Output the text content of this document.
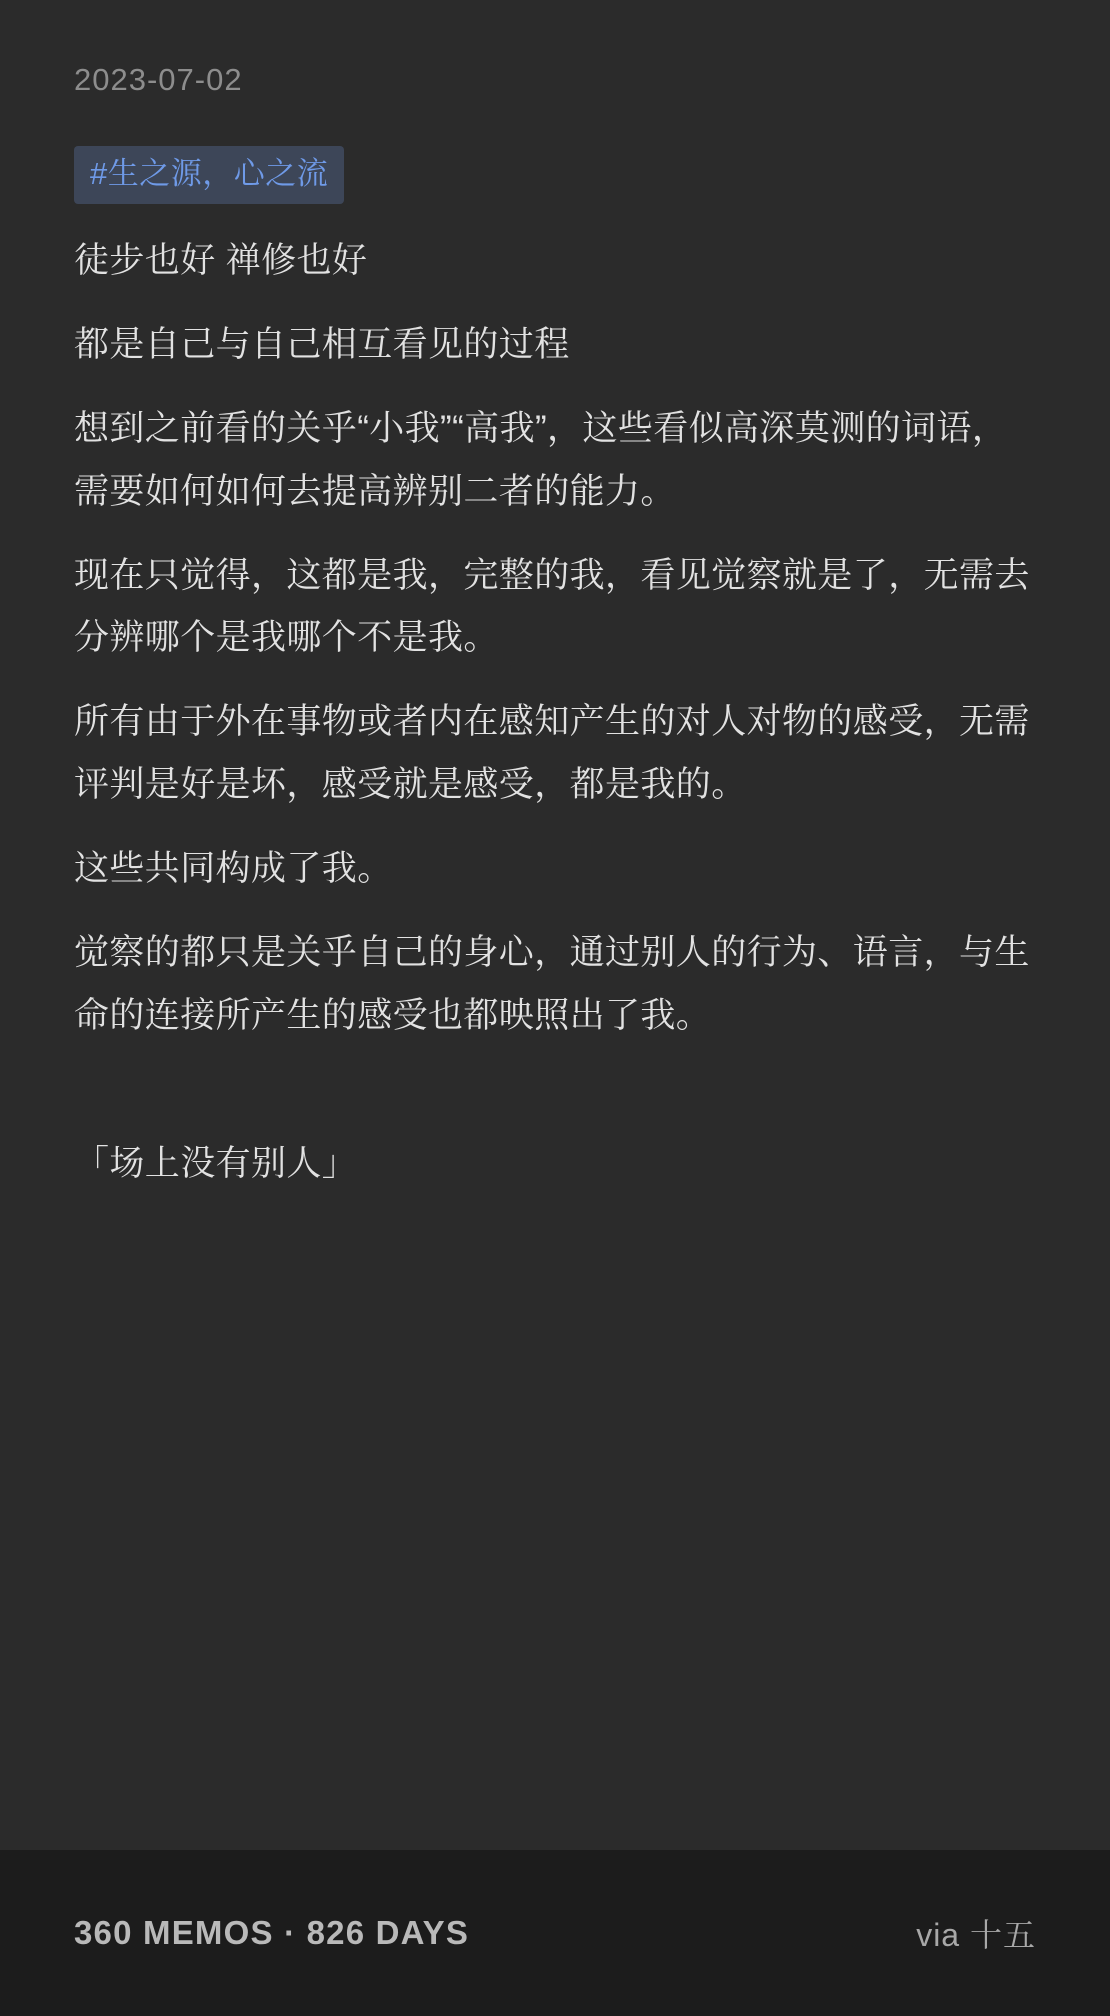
2023-07-02
#生之源，心之流

徒步也好 禅修也好

都是自己与自己相互看见的过程

想到之前看的关乎“小我”“高我”，这些看似高深莫测的词语，需要如何如何去提高辨别二者的能力。

现在只觉得，这都是我，完整的我，看见觉察就是了，无需去分辨哪个是我哪个不是我。

所有由于外在事物或者内在感知产生的对人对物的感受，无需评判是好是坏，感受就是感受，都是我的。

这些共同构成了我。

觉察的都只是关乎自己的身心，通过别人的行为、语言，与生命的连接所产生的感受也都映照出了我。

「场上没有别人」

360 MEMOS · 826 DAYS	via 十五
